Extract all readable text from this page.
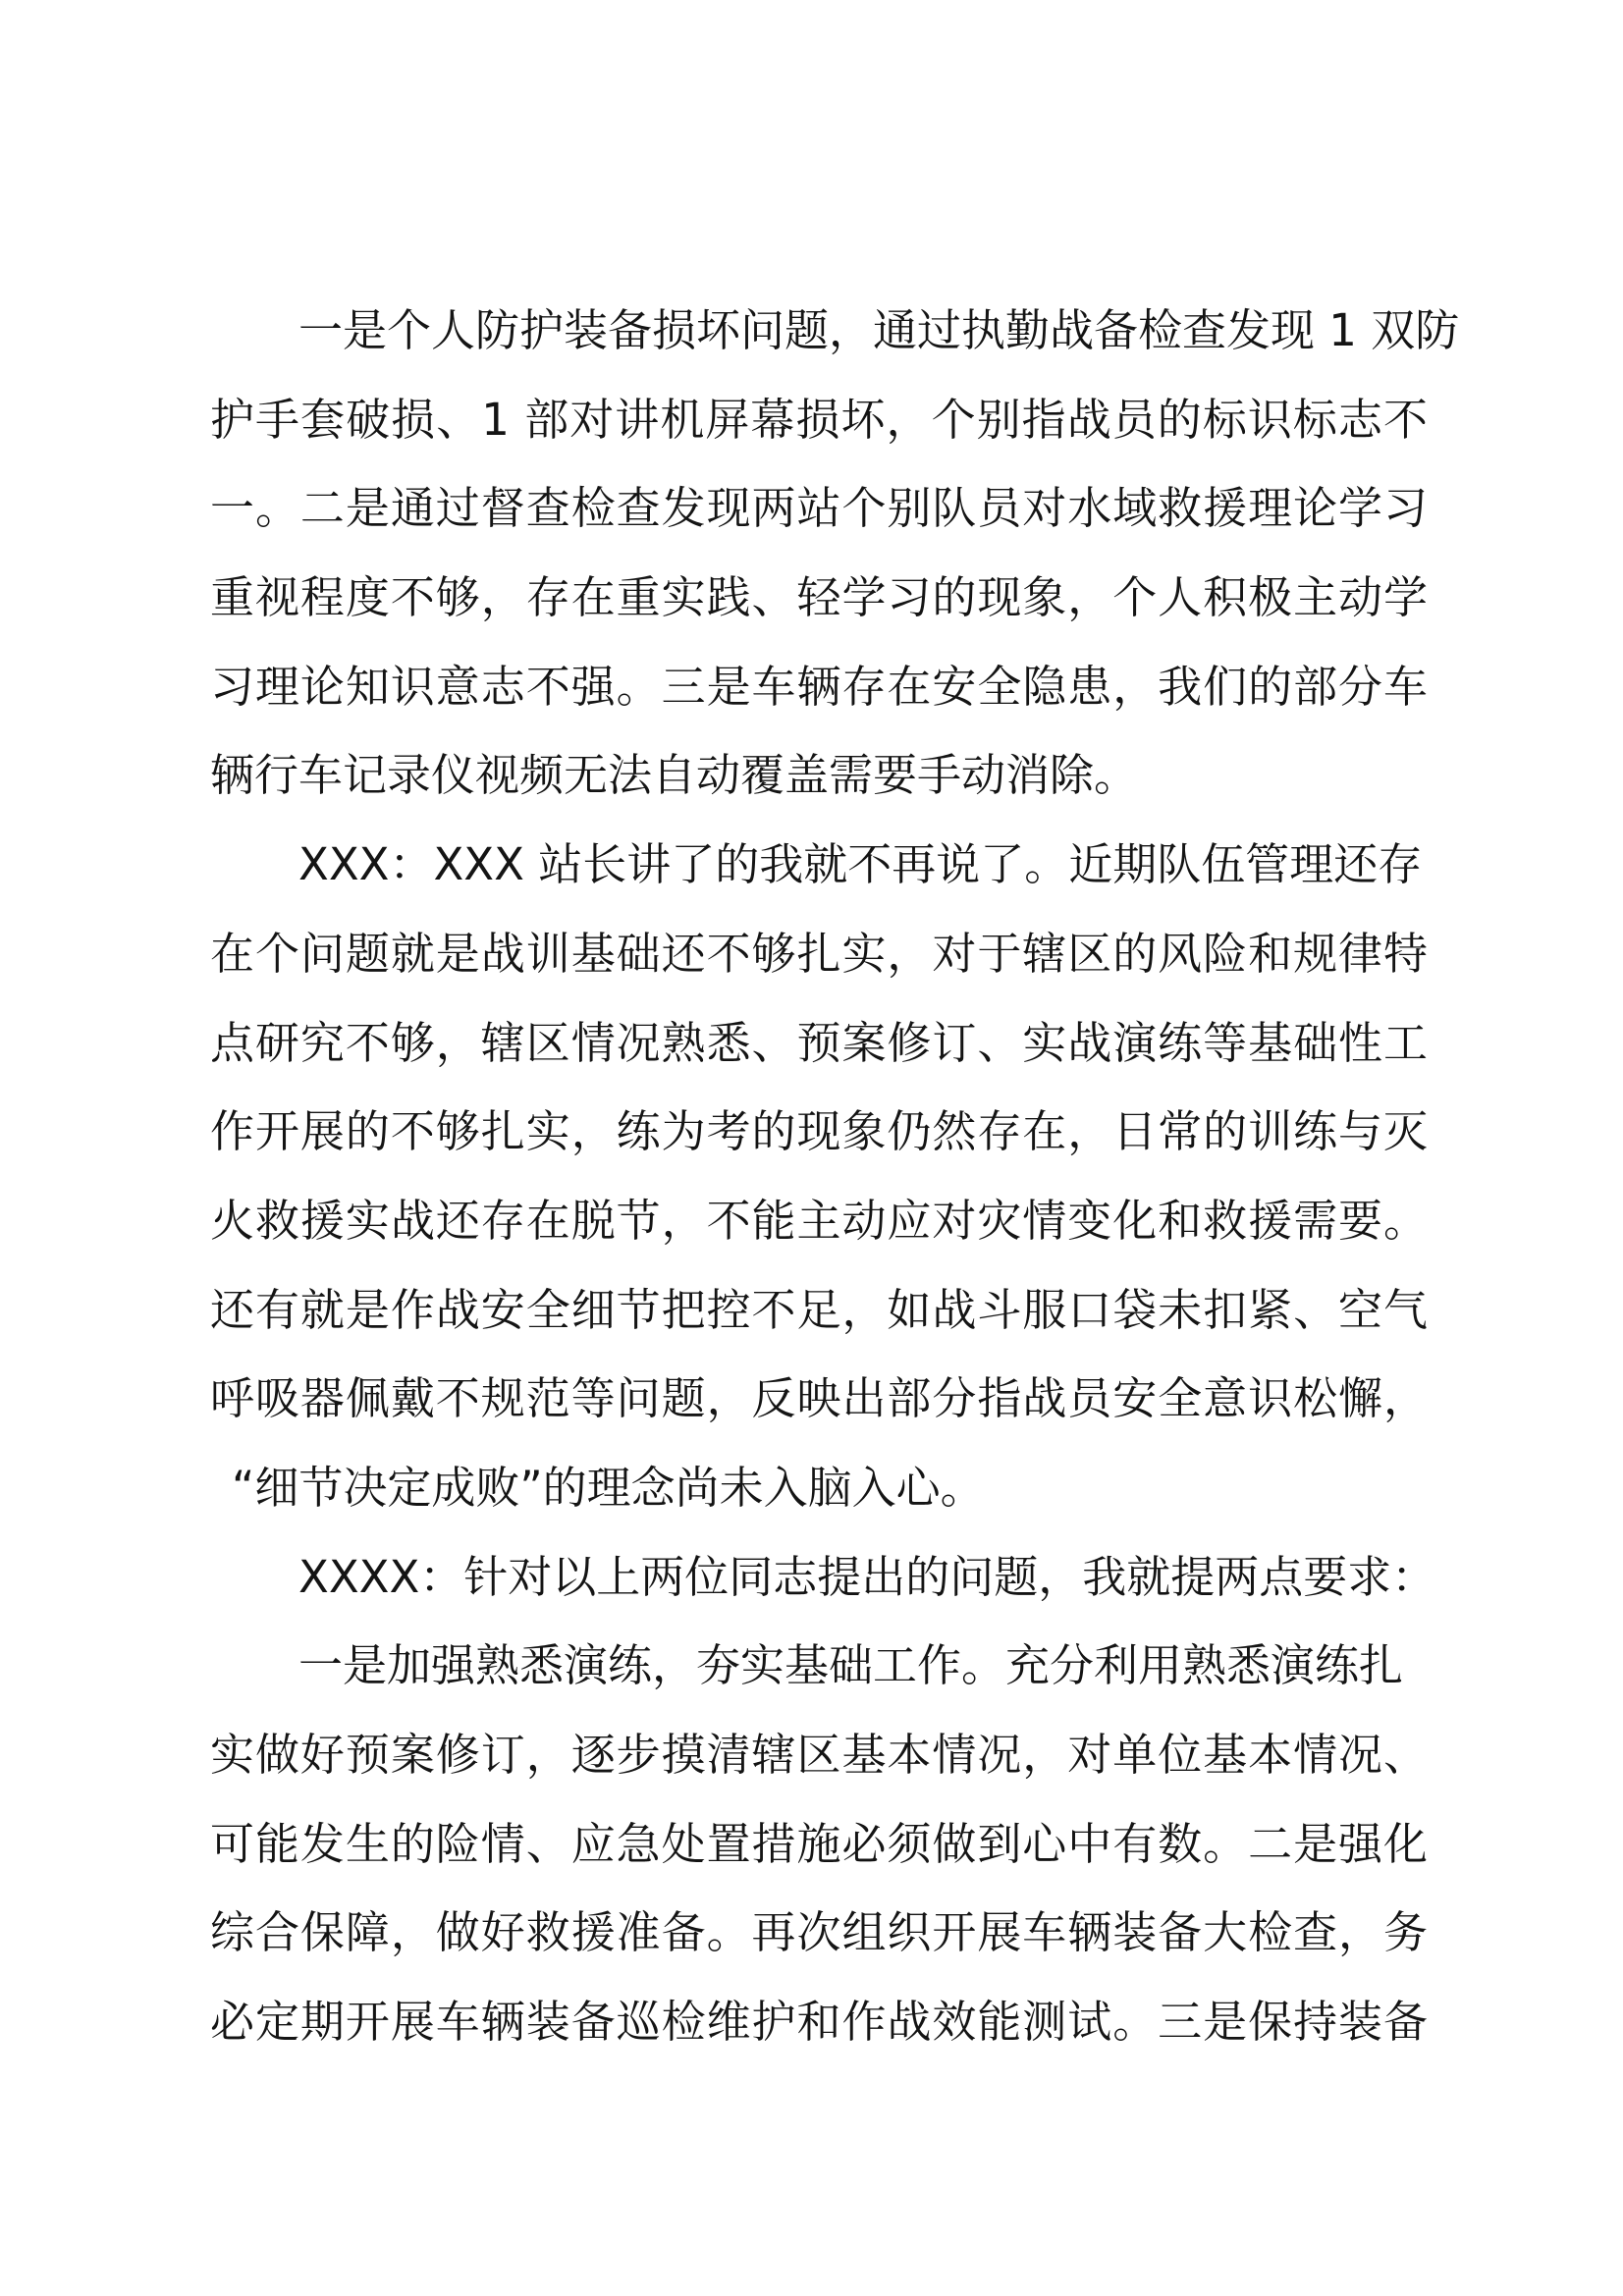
一是个人防护装备损坏问题，通过执勤战备检查发现 1 双防
护手套破损、1 部对讲机屏幕损坏，个别指战员的标识标志不
一。二是通过督查检查发现两站个别队员对水域救援理论学习
重视程度不够，存在重实践、轻学习的现象，个人积极主动学
习理论知识意志不强。三是车辆存在安全隐患，我们的部分车
辆行车记录仪视频无法自动覆盖需要手动消除。
XXX：XXX 站长讲了的我就不再说了。近期队伍管理还存
在个问题就是战训基础还不够扎实，对于辖区的风险和规律特
点研究不够，辖区情况熟悉、预案修订、实战演练等基础性工
作开展的不够扎实，练为考的现象仍然存在，日常的训练与灭
火救援实战还存在脱节，不能主动应对灾情变化和救援需要。
还有就是作战安全细节把控不足，如战斗服口袋未扣紧、空气
呼吸器佩戴不规范等问题，反映出部分指战员安全意识松懈，
“细节决定成败”的理念尚未入脑入心。
XXXX：针对以上两位同志提出的问题，我就提两点要求：
一是加强熟悉演练，夯实基础工作。充分利用熟悉演练扎
实做好预案修订，逐步摸清辖区基本情况，对单位基本情况、
可能发生的险情、应急处置措施必须做到心中有数。二是强化
综合保障，做好救援准备。再次组织开展车辆装备大检查，务
必定期开展车辆装备巡检维护和作战效能测试。三是保持装备
